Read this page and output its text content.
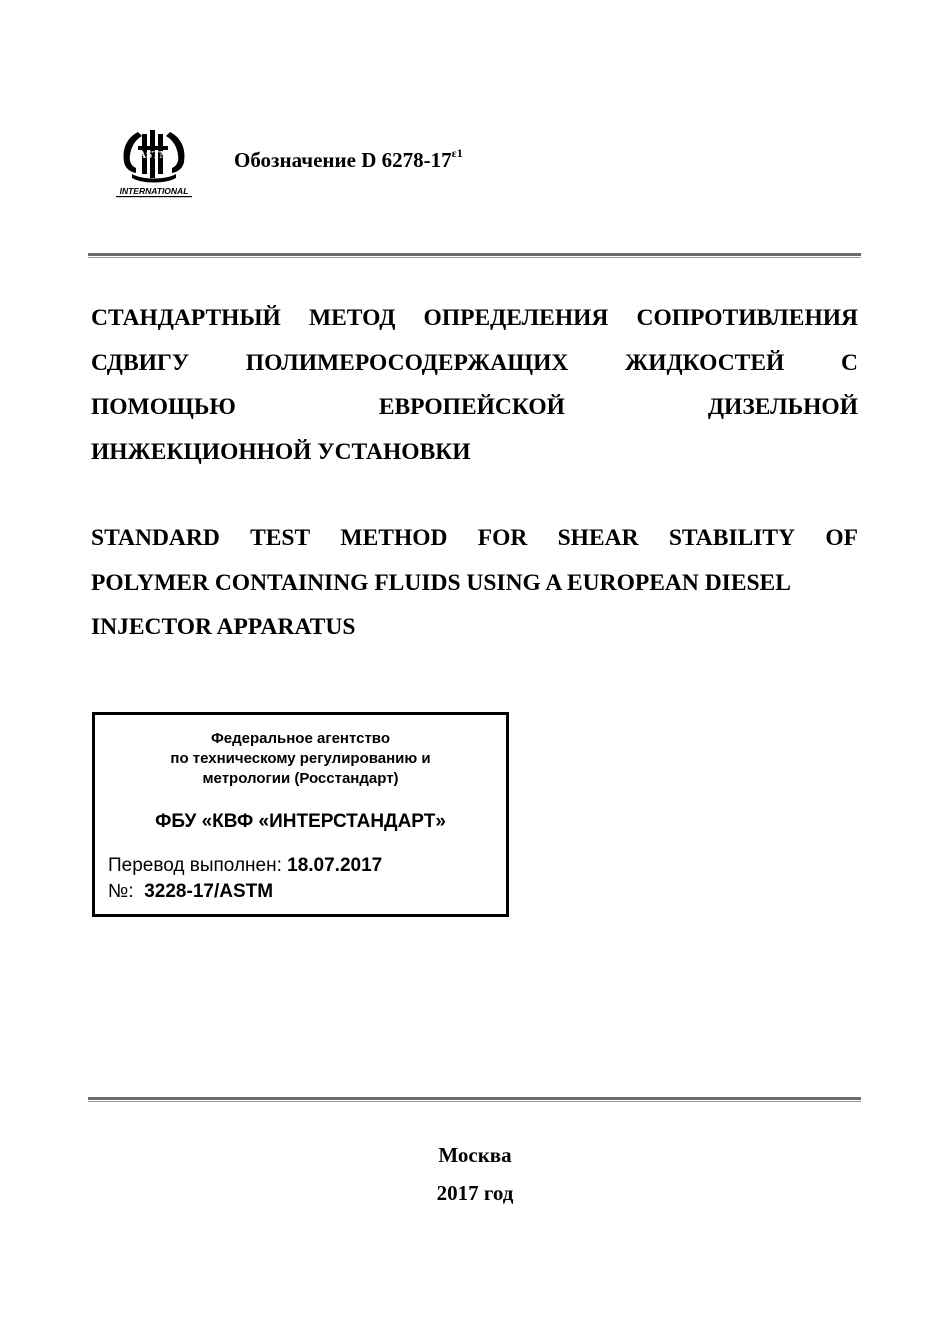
ASTM
INTERNATIONAL
Обозначение D $6278-17^{\varepsilon 1}$
СТАНДАРТНЫЙ МЕТОД ОПРЕДЕЛЕНИЯ СОПРОТИВЛЕНИЯ
СДВИГУ ПОЛИМЕРОСОДЕРЖАЩИХ ЖИДКОСТЕЙ С
ПОМОЩЬЮ	ЕВРОПЕЙСКОЙ	ДИЗЕЛЬНОЙ
ИНЖЕКЦИОННОЙ УСТАНОВКИ
STANDARD TEST METHOD FOR SHEAR STABILITY OF
POLYMER CONTAINING FLUIDS USING A EUROPEAN DIESEL
INJECTOR APPARATUS
Федеральное агентство
по техническому регулированию и
метрологии (Росстандарт)
ФБУ «КВФ «ИНТЕРСТАНДАРТ»
Перевод выполнен: 18.07.2017
№: 3228-17/ASTM
Москва
2017 год
